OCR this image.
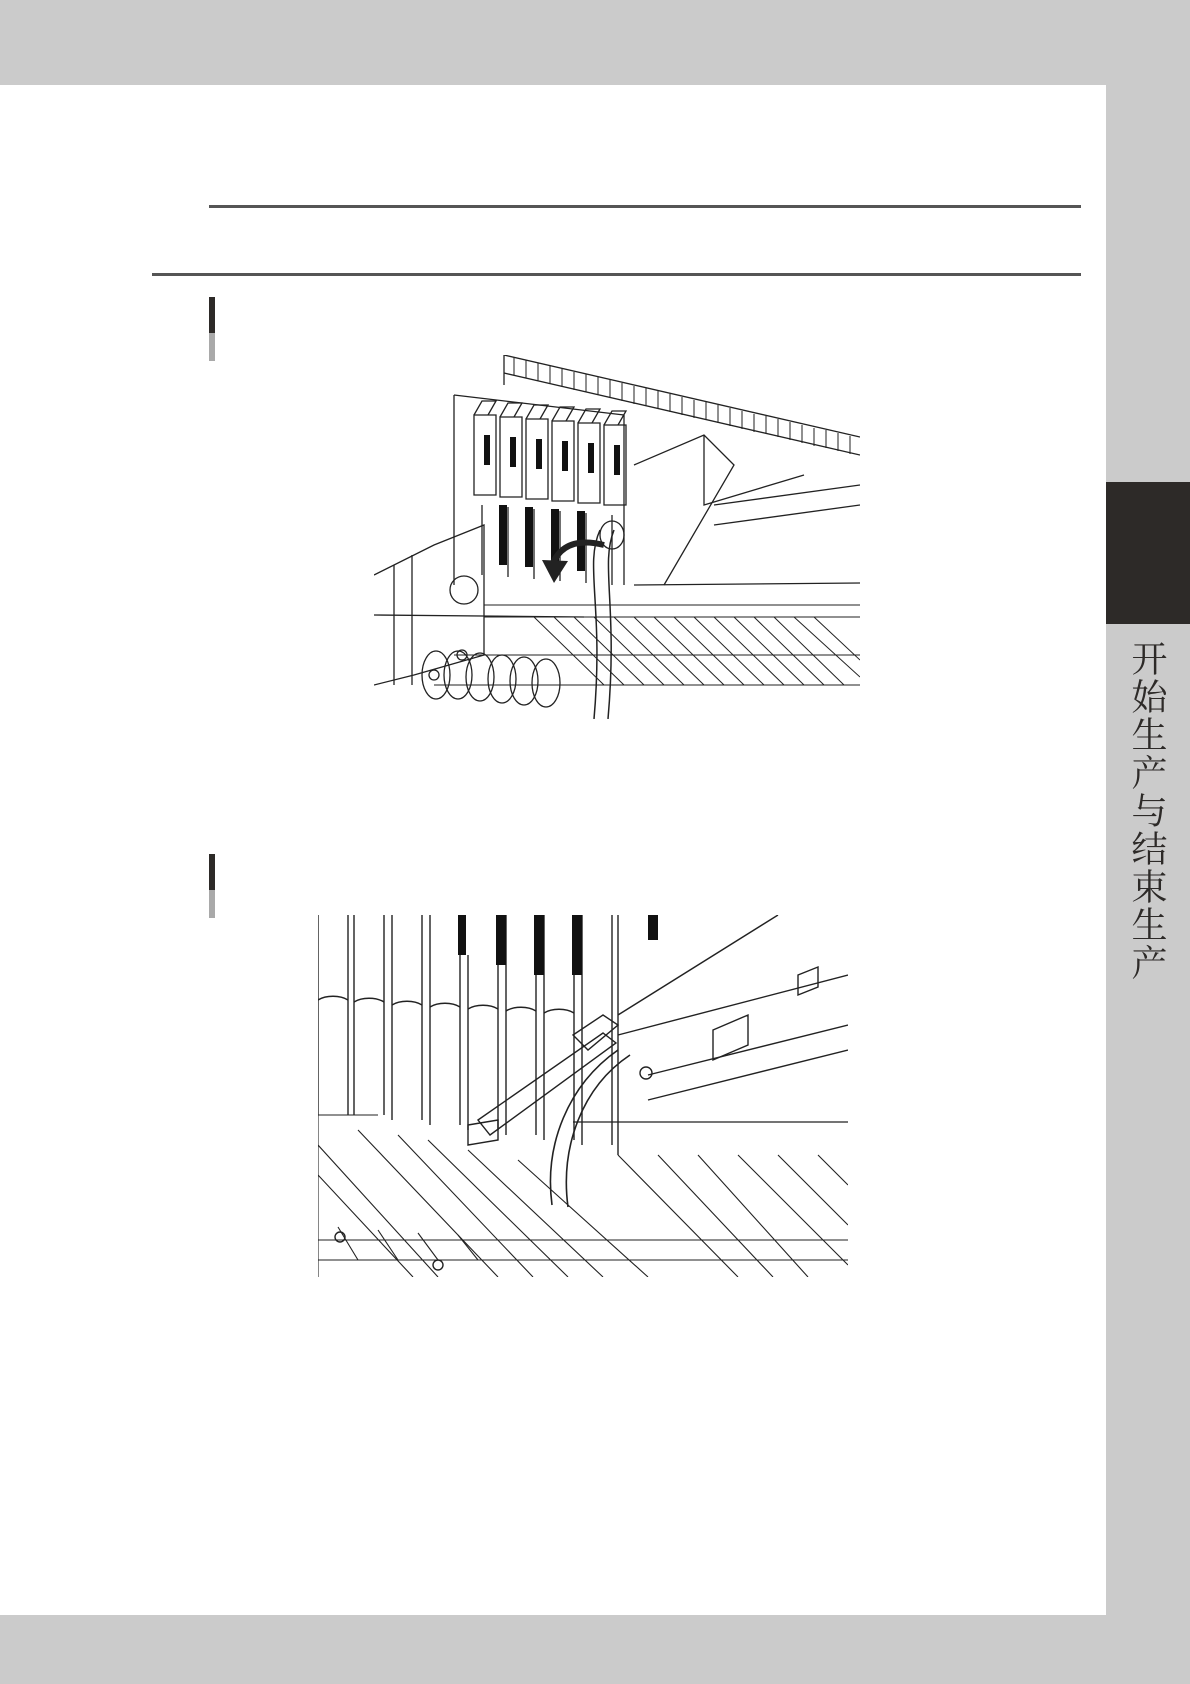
开始生产与结束生产
